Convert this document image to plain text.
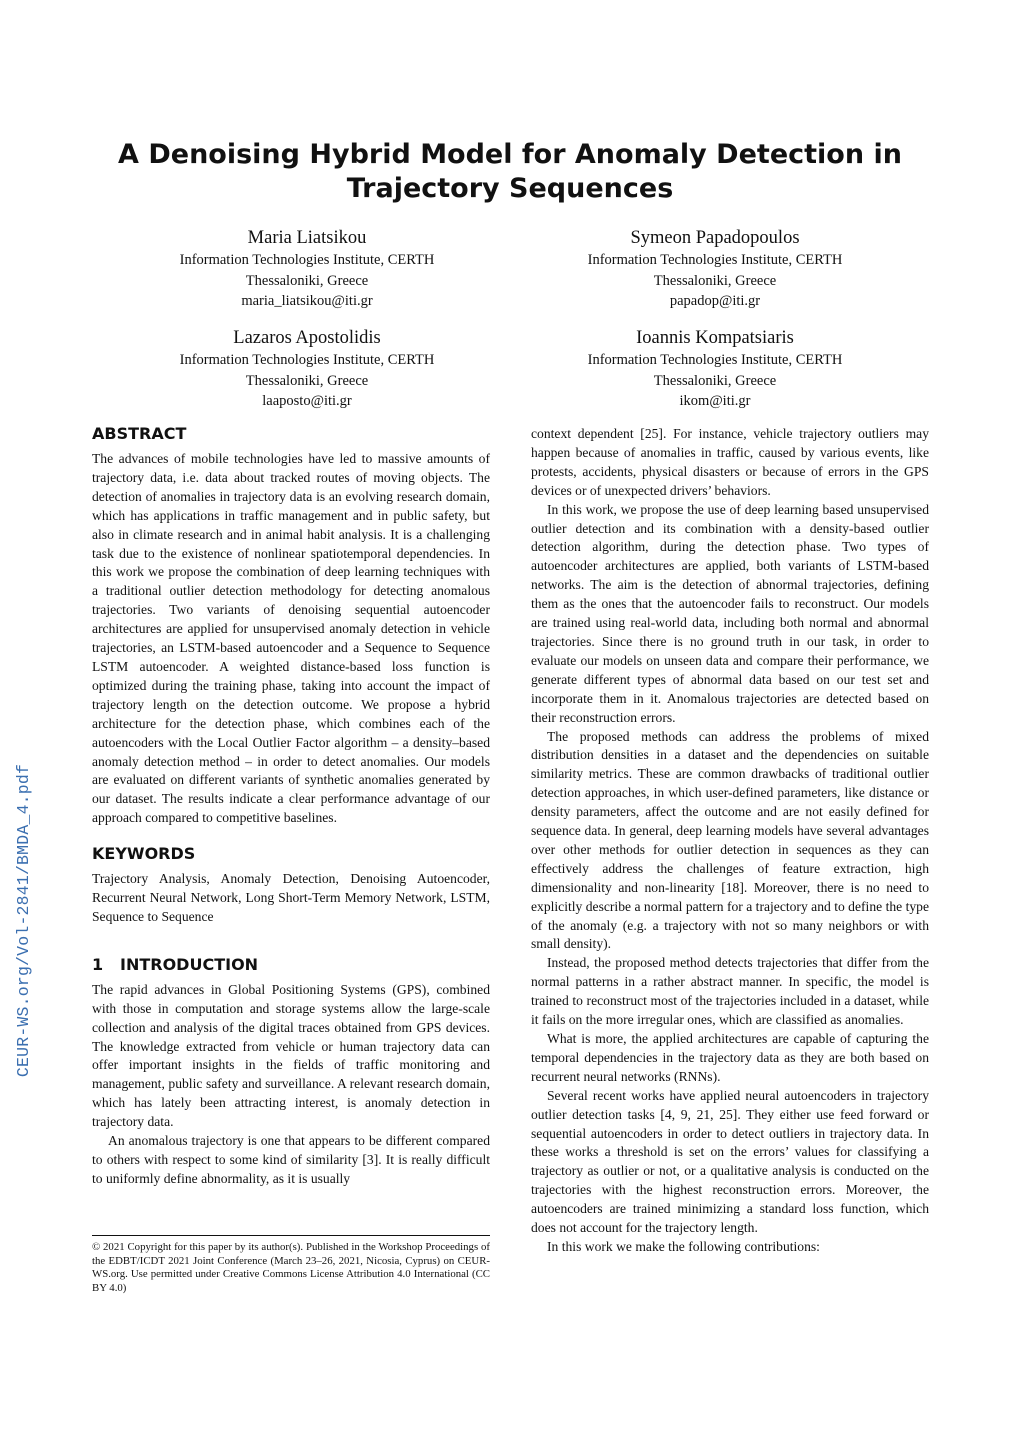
CEUR-WS.org/Vol-2841/BMDA_4.pdf
A Denoising Hybrid Model for Anomaly Detection in
Trajectory Sequences
Maria Liatsikou
Information Technologies Institute, CERTH
Thessaloniki, Greece
maria_liatsikou@iti.gr
Symeon Papadopoulos
Information Technologies Institute, CERTH
Thessaloniki, Greece
papadop@iti.gr
Lazaros Apostolidis
Information Technologies Institute, CERTH
Thessaloniki, Greece
laaposto@iti.gr
Ioannis Kompatsiaris
Information Technologies Institute, CERTH
Thessaloniki, Greece
ikom@iti.gr
ABSTRACT

The advances of mobile technologies have led to massive amounts of trajectory data, i.e. data about tracked routes of moving objects. The detection of anomalies in trajectory data is an evolving research domain, which has applications in traffic management and in public safety, but also in climate research and in animal habit analysis. It is a challenging task due to the existence of nonlinear spatiotemporal dependencies. In this work we propose the combination of deep learning techniques with a traditional outlier detection methodology for detecting anomalous trajectories. Two variants of denoising sequential autoencoder architectures are applied for unsupervised anomaly detection in vehicle trajectories, an LSTM-based autoencoder and a Sequence to Sequence LSTM autoencoder. A weighted distance-based loss function is optimized during the training phase, taking into account the impact of trajectory length on the detection outcome. We propose a hybrid architecture for the detection phase, which combines each of the autoencoders with the Local Outlier Factor algorithm – a density–based anomaly detection method – in order to detect anomalies. Our models are evaluated on different variants of synthetic anomalies generated by our dataset. The results indicate a clear performance advantage of our approach compared to competitive baselines.

KEYWORDS

Trajectory Analysis, Anomaly Detection, Denoising Autoencoder, Recurrent Neural Network, Long Short-Term Memory Network, LSTM, Sequence to Sequence

1 INTRODUCTION

The rapid advances in Global Positioning Systems (GPS), combined with those in computation and storage systems allow the large-scale collection and analysis of the digital traces obtained from GPS devices. The knowledge extracted from vehicle or human trajectory data can offer important insights in the fields of traffic monitoring and management, public safety and surveillance. A relevant research domain, which has lately been attracting interest, is anomaly detection in trajectory data.

An anomalous trajectory is one that appears to be different compared to others with respect to some kind of similarity [3]. It is really difficult to uniformly define abnormality, as it is usually

© 2021 Copyright for this paper by its author(s). Published in the Workshop Proceedings of the EDBT/ICDT 2021 Joint Conference (March 23–26, 2021, Nicosia, Cyprus) on CEUR-WS.org. Use permitted under Creative Commons License Attribution 4.0 International (CC BY 4.0)

context dependent [25]. For instance, vehicle trajectory outliers may happen because of anomalies in traffic, caused by various events, like protests, accidents, physical disasters or because of errors in the GPS devices or of unexpected drivers’ behaviors.

In this work, we propose the use of deep learning based unsupervised outlier detection and its combination with a density-based outlier detection algorithm, during the detection phase. Two types of autoencoder architectures are applied, both variants of LSTM-based networks. The aim is the detection of abnormal trajectories, defining them as the ones that the autoencoder fails to reconstruct. Our models are trained using real-world data, including both normal and abnormal trajectories. Since there is no ground truth in our task, in order to evaluate our models on unseen data and compare their performance, we generate different types of abnormal data based on our test set and incorporate them in it. Anomalous trajectories are detected based on their reconstruction errors.

The proposed methods can address the problems of mixed distribution densities in a dataset and the dependencies on suitable similarity metrics. These are common drawbacks of traditional outlier detection approaches, in which user-defined parameters, like distance or density parameters, affect the outcome and are not easily defined for sequence data. In general, deep learning models have several advantages over other methods for outlier detection in sequences as they can effectively address the challenges of feature extraction, high dimensionality and non-linearity [18]. Moreover, there is no need to explicitly describe a normal pattern for a trajectory and to define the type of the anomaly (e.g. a trajectory with not so many neighbors or with small density).

Instead, the proposed method detects trajectories that differ from the normal patterns in a rather abstract manner. In specific, the model is trained to reconstruct most of the trajectories included in a dataset, while it fails on the more irregular ones, which are classified as anomalies.

What is more, the applied architectures are capable of capturing the temporal dependencies in the trajectory data as they are both based on recurrent neural networks (RNNs).

Several recent works have applied neural autoencoders in trajectory outlier detection tasks [4, 9, 21, 25]. They either use feed forward or sequential autoencoders in order to detect outliers in trajectory data. In these works a threshold is set on the errors’ values for classifying a trajectory as outlier or not, or a qualitative analysis is conducted on the trajectories with the highest reconstruction errors. Moreover, the autoencoders are trained minimizing a standard loss function, which does not account for the trajectory length.

In this work we make the following contributions:
